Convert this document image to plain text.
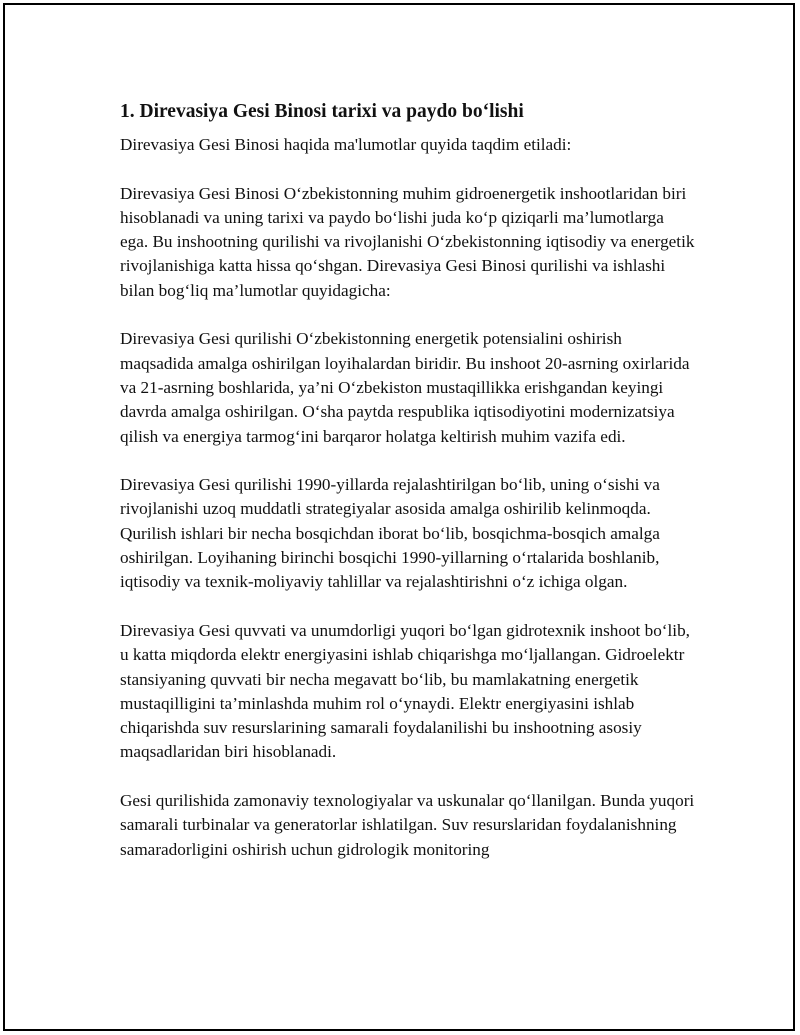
1. Direvasiya Gesi Binosi tarixi va paydo bo‘lishi

Direvasiya Gesi Binosi haqida ma'lumotlar quyida taqdim etiladi:

Direvasiya Gesi Binosi O‘zbekistonning muhim gidroenergetik inshootlaridan biri hisoblanadi va uning tarixi va paydo bo‘lishi juda ko‘p qiziqarli ma’lumotlarga ega. Bu inshootning qurilishi va rivojlanishi O‘zbekistonning iqtisodiy va energetik rivojlanishiga katta hissa qo‘shgan. Direvasiya Gesi Binosi qurilishi va ishlashi bilan bog‘liq ma’lumotlar quyidagicha:

Direvasiya Gesi qurilishi O‘zbekistonning energetik potensialini oshirish maqsadida amalga oshirilgan loyihalardan biridir. Bu inshoot 20-asrning oxirlarida va 21-asrning boshlarida, ya’ni O‘zbekiston mustaqillikka erishgandan keyingi davrda amalga oshirilgan. O‘sha paytda respublika iqtisodiyotini modernizatsiya qilish va energiya tarmog‘ini barqaror holatga keltirish muhim vazifa edi.

Direvasiya Gesi qurilishi 1990-yillarda rejalashtirilgan bo‘lib, uning o‘sishi va rivojlanishi uzoq muddatli strategiyalar asosida amalga oshirilib kelinmoqda. Qurilish ishlari bir necha bosqichdan iborat bo‘lib, bosqichma-bosqich amalga oshirilgan. Loyihaning birinchi bosqichi 1990-yillarning o‘rtalarida boshlanib, iqtisodiy va texnik-moliyaviy tahlillar va rejalashtirishni o‘z ichiga olgan.

Direvasiya Gesi quvvati va unumdorligi yuqori bo‘lgan gidrotexnik inshoot bo‘lib, u katta miqdorda elektr energiyasini ishlab chiqarishga mo‘ljallangan. Gidroelektr stansiyaning quvvati bir necha megavatt bo‘lib, bu mamlakatning energetik mustaqilligini ta’minlashda muhim rol o‘ynaydi. Elektr energiyasini ishlab chiqarishda suv resurslarining samarali foydalanilishi bu inshootning asosiy maqsadlaridan biri hisoblanadi.

Gesi qurilishida zamonaviy texnologiyalar va uskunalar qo‘llanilgan. Bunda yuqori samarali turbinalar va generatorlar ishlatilgan. Suv resurslaridan foydalanishning samaradorligini oshirish uchun gidrologik monitoring
